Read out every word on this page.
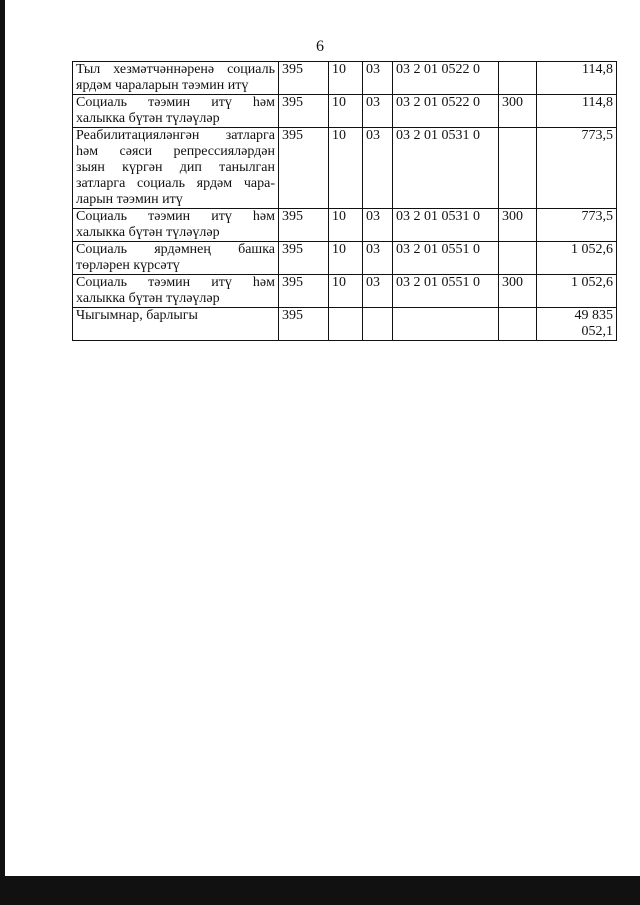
6
Тыл хезмәтчәннәренә социаль
ярдәм чараларын тәэмин итү	395	10	03	03 2 01 0522 0		114,8

Социаль тәэмин итү һәм
халыкка бүтән түләүләр	395	10	03	03 2 01 0522 0	300	114,8

Реабилитацияләнгән затларга
һәм сәяси репрессияләрдән
зыян күргән дип танылган
затларга социаль ярдәм чара-
ларын тәэмин итү	395	10	03	03 2 01 0531 0		773,5

Социаль тәэмин итү һәм
халыкка бүтән түләүләр	395	10	03	03 2 01 0531 0	300	773,5

Социаль ярдәмнең башка
төрләрен күрсәтү	395	10	03	03 2 01 0551 0		1 052,6

Социаль тәэмин итү һәм
халыкка бүтән түләүләр	395	10	03	03 2 01 0551 0	300	1 052,6
Чыгымнар, барлыгы	395					49 835 052,1
